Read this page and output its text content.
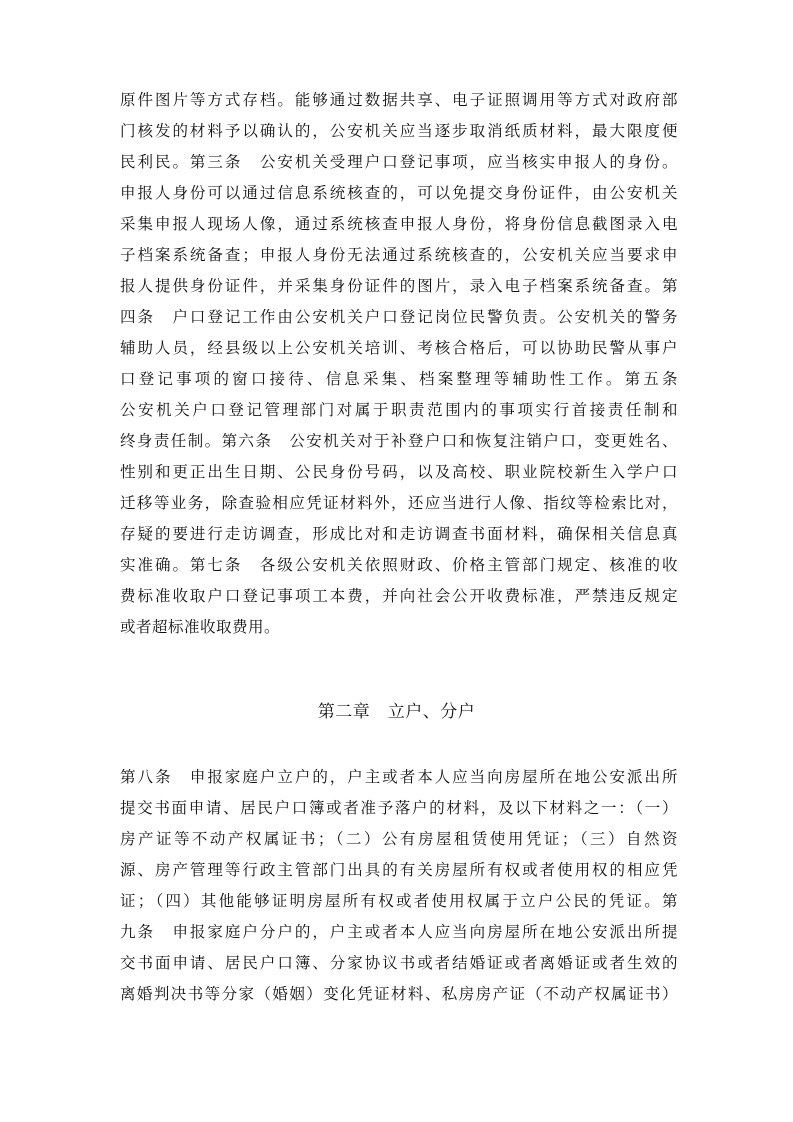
原件图片等方式存档。能够通过数据共享、电子证照调用等方式对政府部
门核发的材料予以确认的，公安机关应当逐步取消纸质材料，最大限度便
民利民。第三条　公安机关受理户口登记事项，应当核实申报人的身份。
申报人身份可以通过信息系统核查的，可以免提交身份证件，由公安机关
采集申报人现场人像，通过系统核查申报人身份，将身份信息截图录入电
子档案系统备查；申报人身份无法通过系统核查的，公安机关应当要求申
报人提供身份证件，并采集身份证件的图片，录入电子档案系统备查。第
四条　户口登记工作由公安机关户口登记岗位民警负责。公安机关的警务
辅助人员，经县级以上公安机关培训、考核合格后，可以协助民警从事户
口登记事项的窗口接待、信息采集、档案整理等辅助性工作。第五条
公安机关户口登记管理部门对属于职责范围内的事项实行首接责任制和
终身责任制。第六条　公安机关对于补登户口和恢复注销户口，变更姓名、
性别和更正出生日期、公民身份号码，以及高校、职业院校新生入学户口
迁移等业务，除查验相应凭证材料外，还应当进行人像、指纹等检索比对，
存疑的要进行走访调查，形成比对和走访调查书面材料，确保相关信息真
实准确。第七条　各级公安机关依照财政、价格主管部门规定、核准的收
费标准收取户口登记事项工本费，并向社会公开收费标准，严禁违反规定
或者超标准收取费用。
第二章　立户、分户
第八条　申报家庭户立户的，户主或者本人应当向房屋所在地公安派出所
提交书面申请、居民户口簿或者准予落户的材料，及以下材料之一：（一）
房产证等不动产权属证书；（二）公有房屋租赁使用凭证；（三）自然资
源、房产管理等行政主管部门出具的有关房屋所有权或者使用权的相应凭
证；（四）其他能够证明房屋所有权或者使用权属于立户公民的凭证。第
九条　申报家庭户分户的，户主或者本人应当向房屋所在地公安派出所提
交书面申请、居民户口簿、分家协议书或者结婚证或者离婚证或者生效的
离婚判决书等分家（婚姻）变化凭证材料、私房房产证（不动产权属证书）
